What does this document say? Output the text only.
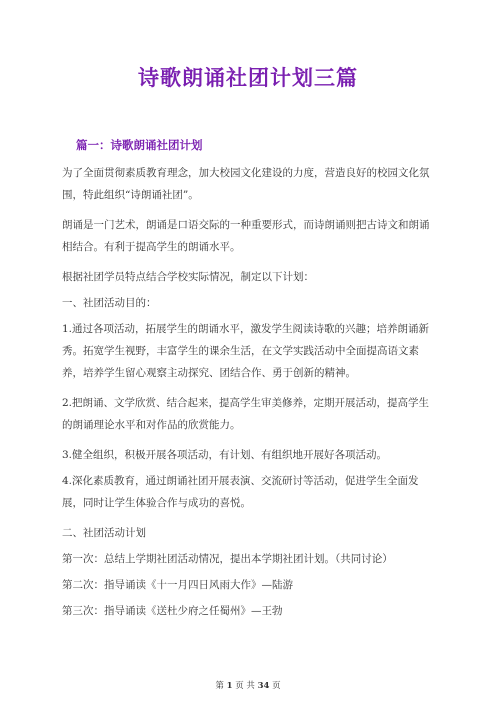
诗歌朗诵社团计划三篇
篇一：诗歌朗诵社团计划
为了全面贯彻素质教育理念，加大校园文化建设的力度，营造良好的校园文化氛围，特此组织“诗朗诵社团”。
朗诵是一门艺术，朗诵是口语交际的一种重要形式，而诗朗诵则把古诗文和朗诵相结合。有利于提高学生的朗诵水平。
根据社团学员特点结合学校实际情况，制定以下计划：
一、社团活动目的：
1.通过各项活动，拓展学生的朗诵水平，激发学生阅读诗歌的兴趣；培养朗诵新秀。拓宽学生视野，丰富学生的课余生活，在文学实践活动中全面提高语文素养，培养学生留心观察主动探究、团结合作、勇于创新的精神。
2.把朗诵、文学欣赏、结合起来，提高学生审美修养，定期开展活动，提高学生的朗诵理论水平和对作品的欣赏能力。
3.健全组织，积极开展各项活动，有计划、有组织地开展好各项活动。
4.深化素质教育，通过朗诵社团开展表演、交流研讨等活动，促进学生全面发展，同时让学生体验合作与成功的喜悦。
二、社团活动计划
第一次：总结上学期社团活动情况，提出本学期社团计划。（共同讨论）
第二次：指导诵读《十一月四日风雨大作》—陆游
第三次：指导诵读《送杜少府之任蜀州》—王勃
第 1 页 共 34 页
